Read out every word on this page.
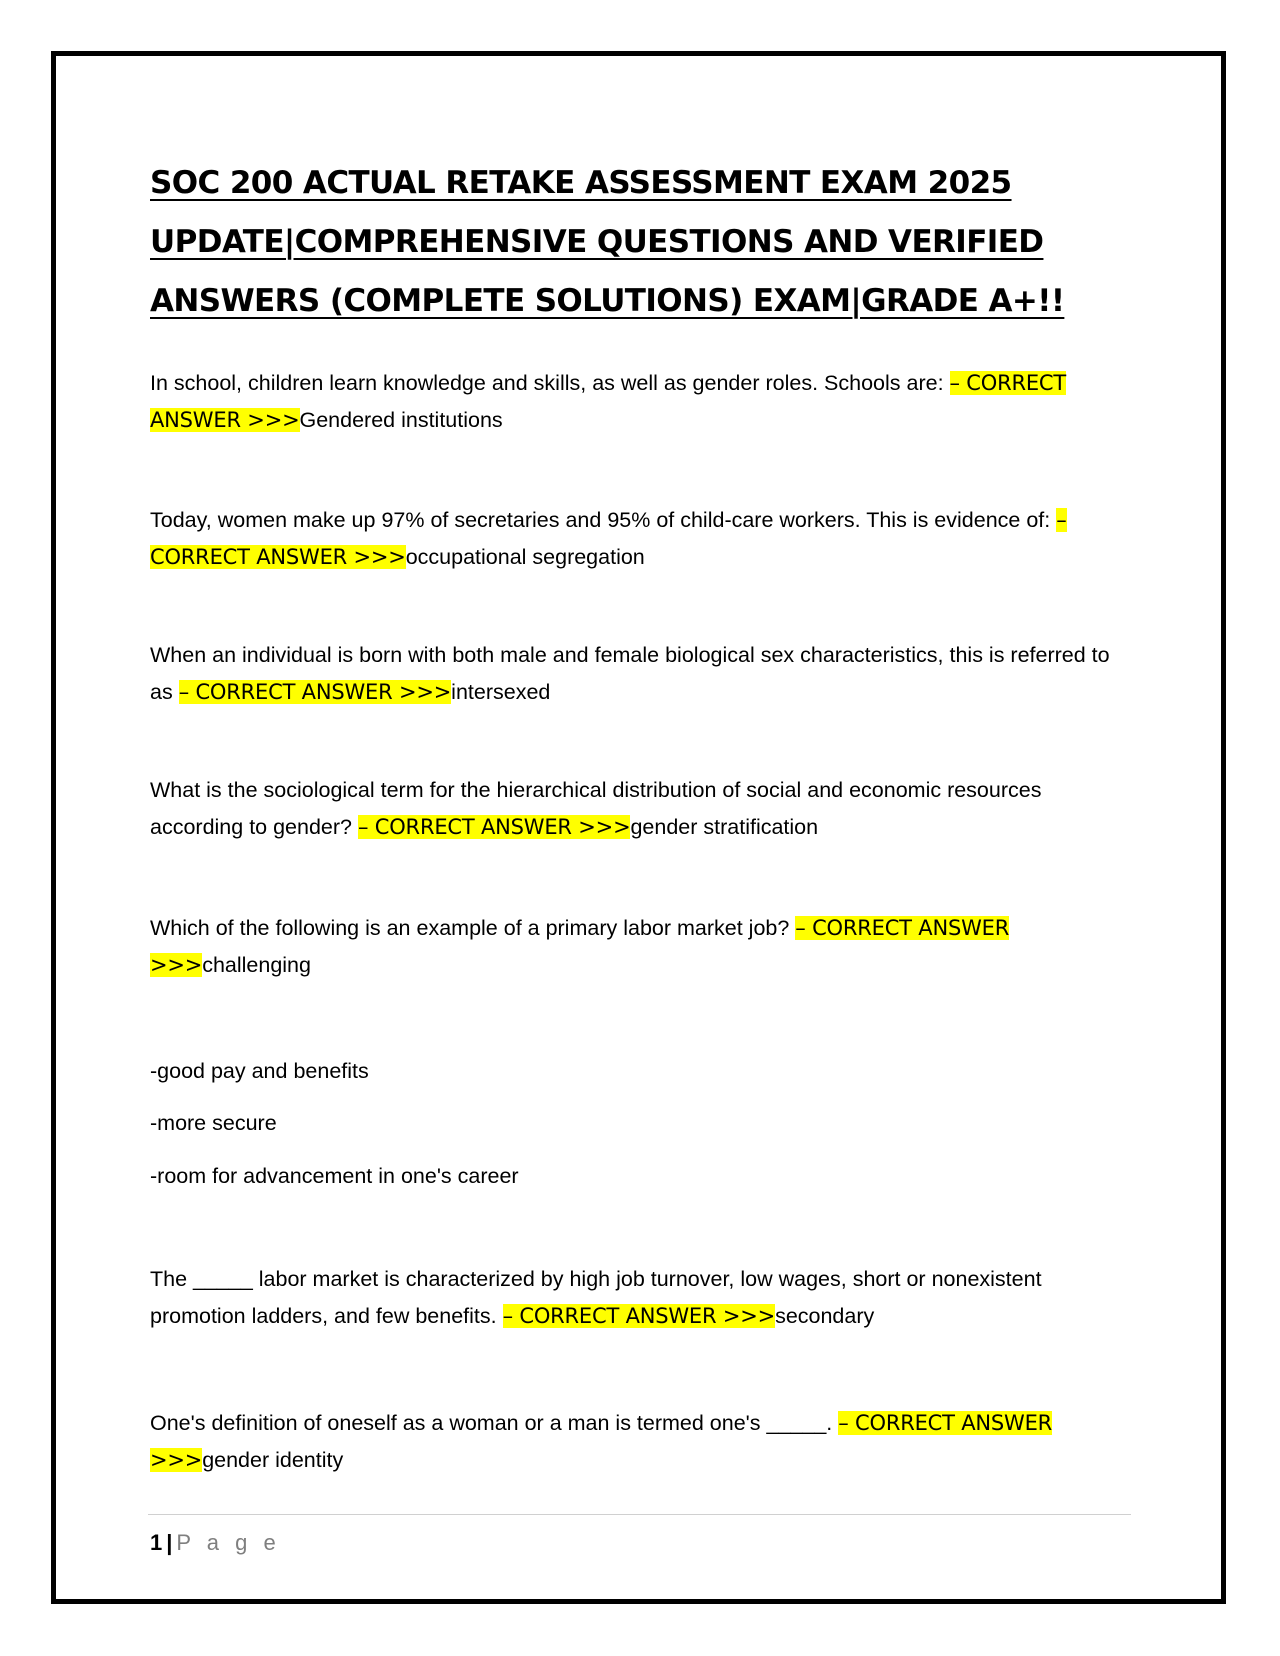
SOC 200 ACTUAL RETAKE ASSESSMENT EXAM 2025
UPDATE|COMPREHENSIVE QUESTIONS AND VERIFIED
ANSWERS (COMPLETE SOLUTIONS) EXAM|GRADE A+!!

In school, children learn knowledge and skills, as well as gender roles. Schools are: – CORRECT ANSWER >>>Gendered institutions

Today, women make up 97% of secretaries and 95% of child-care workers. This is evidence of: – CORRECT ANSWER >>>occupational segregation

When an individual is born with both male and female biological sex characteristics, this is referred to as – CORRECT ANSWER >>>intersexed

What is the sociological term for the hierarchical distribution of social and economic resources according to gender? – CORRECT ANSWER >>>gender stratification

Which of the following is an example of a primary labor market job? – CORRECT ANSWER >>>challenging

-good pay and benefits

-more secure

-room for advancement in one's career

The _____ labor market is characterized by high job turnover, low wages, short or nonexistent promotion ladders, and few benefits. – CORRECT ANSWER >>>secondary

One's definition of oneself as a woman or a man is termed one's _____. – CORRECT ANSWER >>>gender identity

1 | P a g e
